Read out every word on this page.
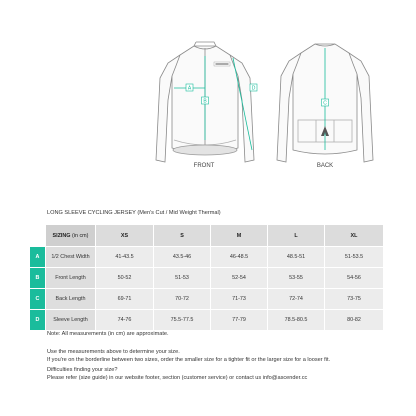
A
B
D
C
FRONT	BACK
LONG SLEEVE CYCLING JERSEY (Men's Cut / Mid Weight Thermal)
	SIZING (in cm)	XS	S	M	L	XL
A	1/2 Chest Width	41-43.5	43.5-46	46-48.5	48.5-51	51-53.5
B	Front Length	50-52	51-53	52-54	53-55	54-56
C	Back Length	69-71	70-72	71-73	72-74	73-75
D	Sleeve Length	74-76	75.5-77.5	77-79	78.5-80.5	80-82
Note: All measurements (in cm) are approximate.
Use the measurements above to determine your size.
If you're on the borderline between two sizes, order the smaller size for a tighter fit or the larger size for a looser fit.
Difficulties finding your size?
Please refer (size guide) in our website footer, section (customer service) or contact us info@ascender.cc
